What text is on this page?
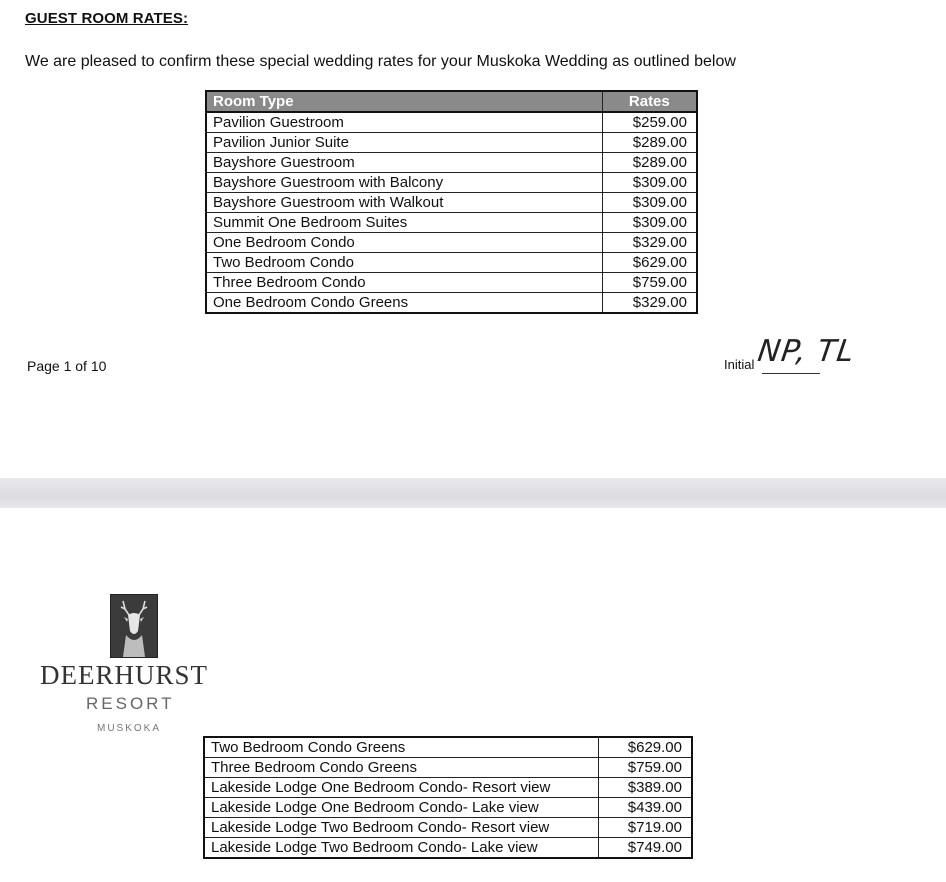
GUEST ROOM RATES:
We are pleased to confirm these special wedding rates for your Muskoka Wedding as outlined below
Room Type	Rates
Pavilion Guestroom	$259.00
Pavilion Junior Suite	$289.00
Bayshore Guestroom	$289.00
Bayshore Guestroom with Balcony	$309.00
Bayshore Guestroom with Walkout	$309.00
Summit One Bedroom Suites	$309.00
One Bedroom Condo	$329.00
Two Bedroom Condo	$629.00
Three Bedroom Condo	$759.00
One Bedroom Condo Greens	$329.00
Page 1 of 10	Initial NP, TL
DEERHURST
RESORT
MUSKOKA
Two Bedroom Condo Greens	$629.00
Three Bedroom Condo Greens	$759.00
Lakeside Lodge One Bedroom Condo- Resort view	$389.00
Lakeside Lodge One Bedroom Condo- Lake view	$439.00
Lakeside Lodge Two Bedroom Condo- Resort view	$719.00
Lakeside Lodge Two Bedroom Condo- Lake view	$749.00
